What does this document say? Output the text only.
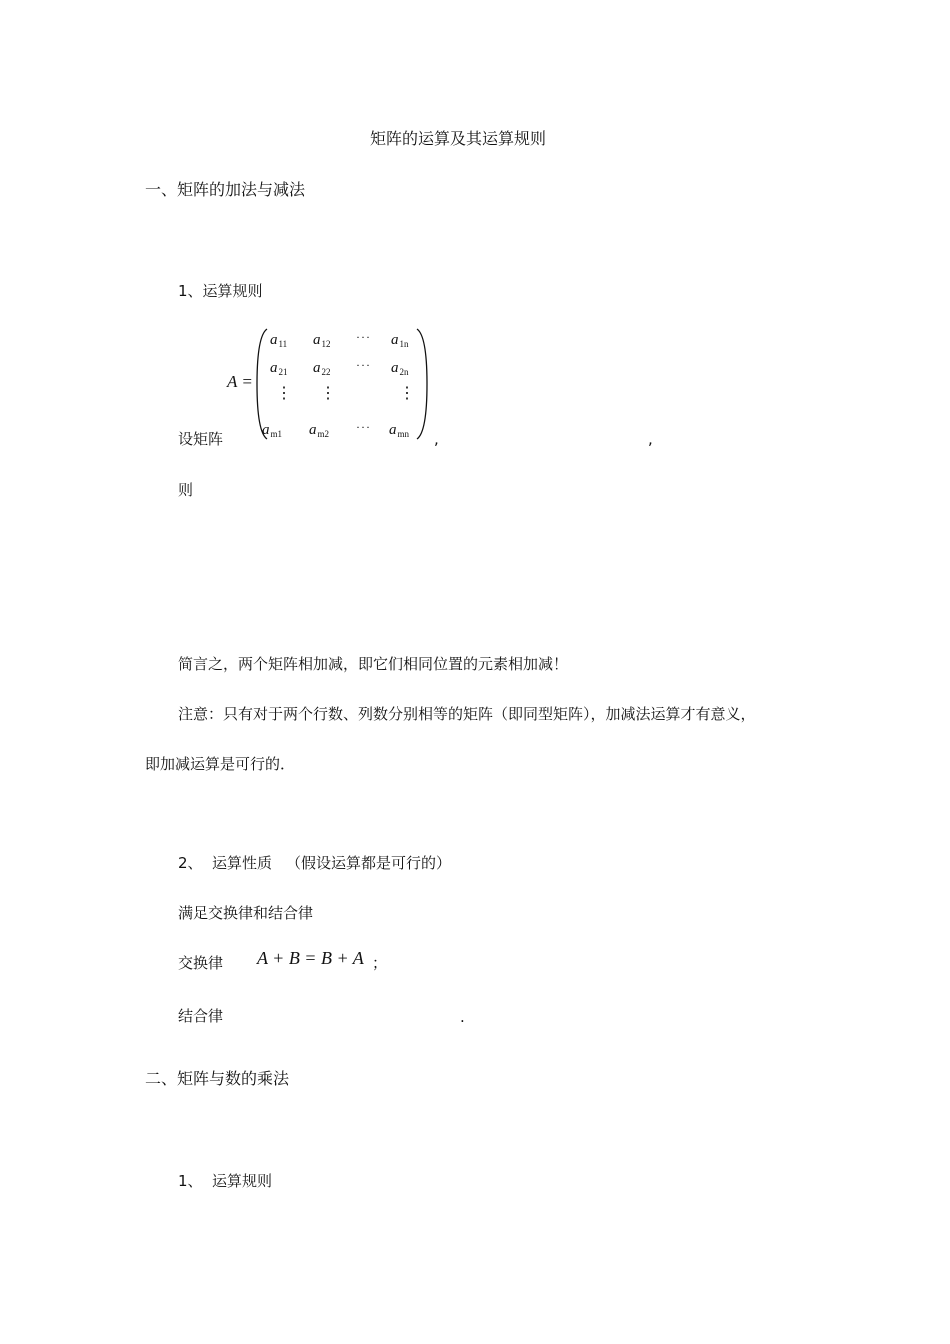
矩阵的运算及其运算规则
一、矩阵的加法与减法
1、运算规则
设矩阵
A =
$a_{11}$ $a_{12}$ ··· $a_{1n}$
$a_{21}$ $a_{22}$ ··· $a_{2n}$
⋮ ⋮	⋮
$a_{m1}$ $a_{m2}$ ··· $a_{mn}$ ,	,
则
简言之，两个矩阵相加减，即它们相同位置的元素相加减！
注意：只有对于两个行数、列数分别相等的矩阵（即同型矩阵），加减法运算才有意义，
即加减运算是可行的．
2、 运算性质 （假设运算都是可行的）
满足交换律和结合律
交换律 A + B = B + A ；
结合律	.
二、矩阵与数的乘法
1、 运算规则
